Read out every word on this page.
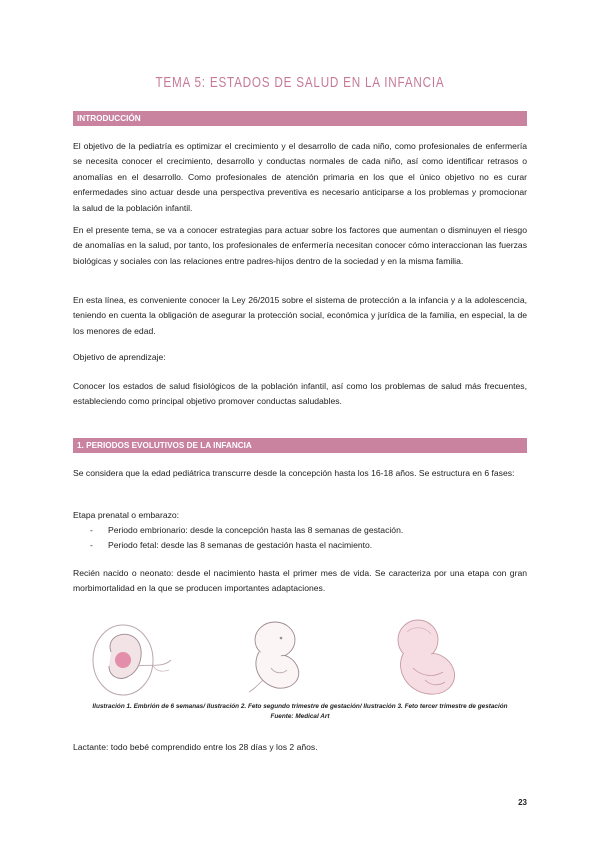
TEMA 5: ESTADOS DE SALUD EN LA INFANCIA
INTRODUCCIÓN

El objetivo de la pediatría es optimizar el crecimiento y el desarrollo de cada niño, como profesionales de enfermería se necesita conocer el crecimiento, desarrollo y conductas normales de cada niño, así como identificar retrasos o anomalías en el desarrollo. Como profesionales de atención primaria en los que el único objetivo no es curar enfermedades sino actuar desde una perspectiva preventiva es necesario anticiparse a los problemas y promocionar la salud de la población infantil.

En el presente tema, se va a conocer estrategias para actuar sobre los factores que aumentan o disminuyen el riesgo de anomalías en la salud, por tanto, los profesionales de enfermería necesitan conocer cómo interaccionan las fuerzas biológicas y sociales con las relaciones entre padres-hijos dentro de la sociedad y en la misma familia.

En esta línea, es conveniente conocer la Ley 26/2015 sobre el sistema de protección a la infancia y a la adolescencia, teniendo en cuenta la obligación de asegurar la protección social, económica y jurídica de la familia, en especial, la de los menores de edad.

Objetivo de aprendizaje:

Conocer los estados de salud fisiológicos de la población infantil, así como los problemas de salud más frecuentes, estableciendo como principal objetivo promover conductas saludables.

1. PERIODOS EVOLUTIVOS DE LA INFANCIA

Se considera que la edad pediátrica transcurre desde la concepción hasta los 16-18 años. Se estructura en 6 fases:

Etapa prenatal o embarazo:

- Periodo embrionario: desde la concepción hasta las 8 semanas de gestación.
- Periodo fetal: desde las 8 semanas de gestación hasta el nacimiento.

Recién nacido o neonato: desde el nacimiento hasta el primer mes de vida. Se caracteriza por una etapa con gran morbimortalidad en la que se producen importantes adaptaciones.

Ilustración 1. Embrión de 6 semanas/ Ilustración 2. Feto segundo trimestre de gestación/ Ilustración 3. Feto tercer trimestre de gestación
Fuente: Medical Art

Lactante: todo bebé comprendido entre los 28 días y los 2 años.

23
